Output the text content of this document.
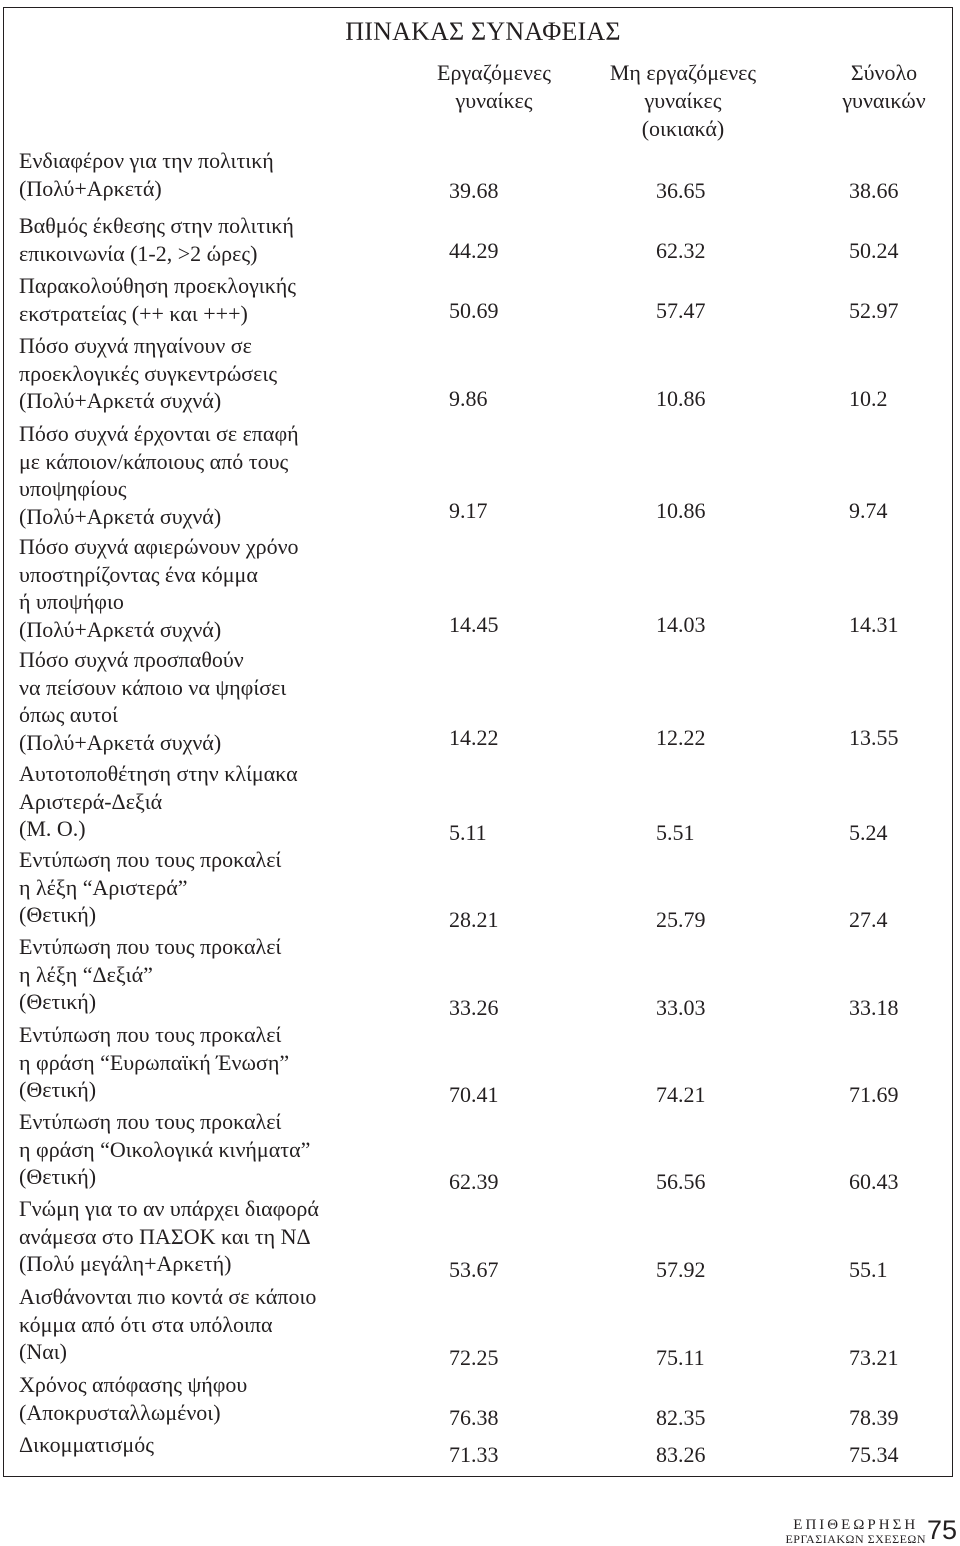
ΠΙΝΑΚΑΣ ΣΥΝΑΦΕΙΑΣ
Εργαζόμενες
γυναίκες
Μη εργαζόμενες
γυναίκες
(οικιακά)
Σύνολο
γυναικών
Ενδιαφέρον για την πολιτική
(Πολύ+Αρκετά)	39.68	36.65	38.66
Βαθμός έκθεσης στην πολιτική
επικοινωνία (1-2, >2 ώρες)	44.29	62.32	50.24
Παρακολούθηση προεκλογικής
εκστρατείας (++ και +++)	50.69	57.47	52.97
Πόσο συχνά πηγαίνουν σε
προεκλογικές συγκεντρώσεις
(Πολύ+Αρκετά συχνά)	9.86	10.86	10.2
Πόσο συχνά έρχονται σε επαφή
με κάποιον/κάποιους από τους
υποψηφίους
(Πολύ+Αρκετά συχνά)	9.17	10.86	9.74
Πόσο συχνά αφιερώνουν χρόνο
υποστηρίζοντας ένα κόμμα
ή υποψήφιο
(Πολύ+Αρκετά συχνά)	14.45	14.03	14.31
Πόσο συχνά προσπαθούν
να πείσουν κάποιο να ψηφίσει
όπως αυτοί
(Πολύ+Αρκετά συχνά)	14.22	12.22	13.55
Αυτοτοποθέτηση στην κλίμακα
Αριστερά-Δεξιά
(Μ. Ο.)	5.11	5.51	5.24
Εντύπωση που τους προκαλεί
η λέξη “Αριστερά”
(Θετική)	28.21	25.79	27.4
Εντύπωση που τους προκαλεί
η λέξη “Δεξιά”
(Θετική)	33.26	33.03	33.18
Εντύπωση που τους προκαλεί
η φράση “Ευρωπαϊκή Ένωση”
(Θετική)	70.41	74.21	71.69
Εντύπωση που τους προκαλεί
η φράση “Οικολογικά κινήματα”
(Θετική)	62.39	56.56	60.43
Γνώμη για το αν υπάρχει διαφορά
ανάμεσα στο ΠΑΣΟΚ και τη ΝΔ
(Πολύ μεγάλη+Αρκετή)	53.67	57.92	55.1
Αισθάνονται πιο κοντά σε κάποιο
κόμμα από ότι στα υπόλοιπα
(Ναι)	72.25	75.11	73.21
Χρόνος απόφασης ψήφου
(Αποκρυσταλλωμένοι)	76.38	82.35	78.39
Δικομματισμός	71.33	83.26	75.34
ΕΠΙΘΕΩΡΗΣΗ
ΕΡΓΑΣΙΑΚΩΝ ΣΧΕΣΕΩΝ 75
